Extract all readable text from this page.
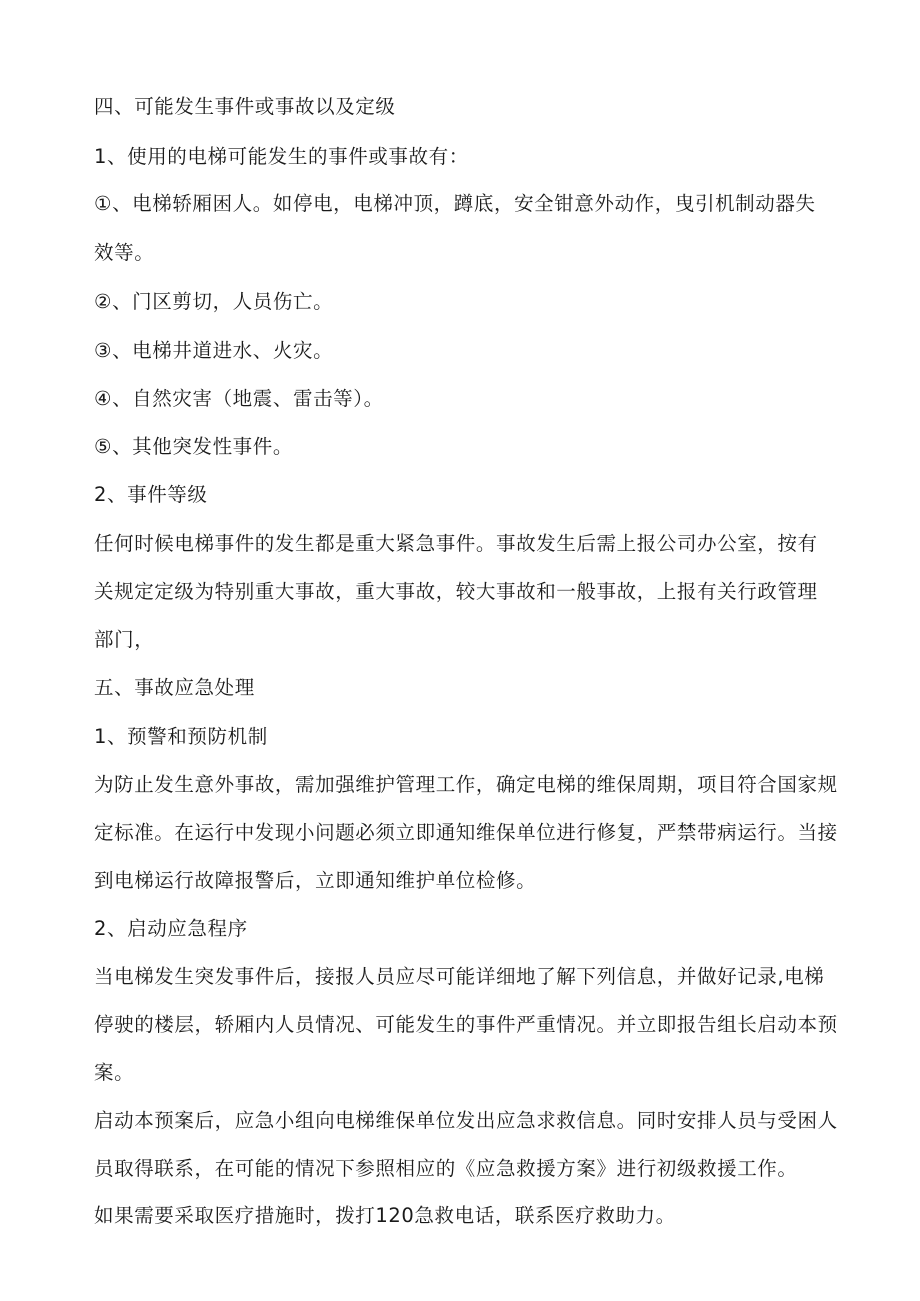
四、可能发生事件或事故以及定级
1、使用的电梯可能发生的事件或事故有：
①、电梯轿厢困人。如停电，电梯冲顶，蹲底，安全钳意外动作，曳引机制动器失
效等。
②、门区剪切，人员伤亡。
③、电梯井道进水、火灾。
④、自然灾害（地震、雷击等）。
⑤、其他突发性事件。
2、事件等级
任何时候电梯事件的发生都是重大紧急事件。事故发生后需上报公司办公室，按有
关规定定级为特别重大事故，重大事故，较大事故和一般事故，上报有关行政管理
部门，
五、事故应急处理
1、预警和预防机制
为防止发生意外事故，需加强维护管理工作，确定电梯的维保周期，项目符合国家规
定标准。在运行中发现小问题必须立即通知维保单位进行修复，严禁带病运行。当接
到电梯运行故障报警后，立即通知维护单位检修。
2、启动应急程序
当电梯发生突发事件后，接报人员应尽可能详细地了解下列信息，并做好记录,电梯
停驶的楼层，轿厢内人员情况、可能发生的事件严重情况。并立即报告组长启动本预
案。
启动本预案后，应急小组向电梯维保单位发出应急求救信息。同时安排人员与受困人
员取得联系，在可能的情况下参照相应的《应急救援方案》进行初级救援工作。
如果需要采取医疗措施时，拨打120急救电话，联系医疗救助力。
